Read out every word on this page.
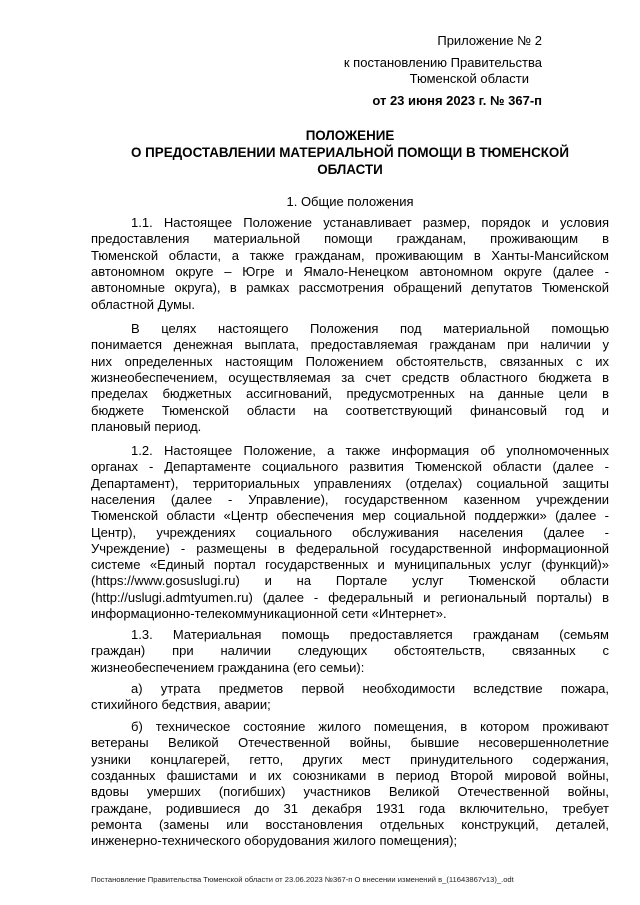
Приложение № 2
к постановлению Правительства
Тюменской области
от 23 июня 2023 г. № 367-п
ПОЛОЖЕНИЕ
О ПРЕДОСТАВЛЕНИИ МАТЕРИАЛЬНОЙ ПОМОЩИ В ТЮМЕНСКОЙ
ОБЛАСТИ
1. Общие положения
1.1. Настоящее Положение устанавливает размер, порядок и условия
предоставления материальной помощи гражданам, проживающим в
Тюменской области, а также гражданам, проживающим в Ханты-Мансийском
автономном округе – Югре и Ямало-Ненецком автономном округе (далее -
автономные округа), в рамках рассмотрения обращений депутатов Тюменской
областной Думы.
В целях настоящего Положения под материальной помощью
понимается денежная выплата, предоставляемая гражданам при наличии у
них определенных настоящим Положением обстоятельств, связанных с их
жизнеобеспечением, осуществляемая за счет средств областного бюджета в
пределах бюджетных ассигнований, предусмотренных на данные цели в
бюджете Тюменской области на соответствующий финансовый год и
плановый период.
1.2. Настоящее Положение, а также информация об уполномоченных
органах - Департаменте социального развития Тюменской области (далее -
Департамент), территориальных управлениях (отделах) социальной защиты
населения (далее - Управление), государственном казенном учреждении
Тюменской области «Центр обеспечения мер социальной поддержки» (далее -
Центр), учреждениях социального обслуживания населения (далее -
Учреждение) - размещены в федеральной государственной информационной
системе «Единый портал государственных и муниципальных услуг (функций)»
(https://www.gosuslugi.ru) и на Портале услуг Тюменской области
(http://uslugi.admtyumen.ru) (далее - федеральный и региональный порталы) в
информационно-телекоммуникационной сети «Интернет».
1.3. Материальная помощь предоставляется гражданам (семьям
граждан) при наличии следующих обстоятельств, связанных с
жизнеобеспечением гражданина (его семьи):
а) утрата предметов первой необходимости вследствие пожара,
стихийного бедствия, аварии;
б) техническое состояние жилого помещения, в котором проживают
ветераны Великой Отечественной войны, бывшие несовершеннолетние
узники концлагерей, гетто, других мест принудительного содержания,
созданных фашистами и их союзниками в период Второй мировой войны,
вдовы умерших (погибших) участников Великой Отечественной войны,
граждане, родившиеся до 31 декабря 1931 года включительно, требует
ремонта (замены или восстановления отдельных конструкций, деталей,
инженерно-технического оборудования жилого помещения);
Постановление Правительства Тюменской области от 23.06.2023 №367-п О внесении изменений в_(11643867v13)_.odt
